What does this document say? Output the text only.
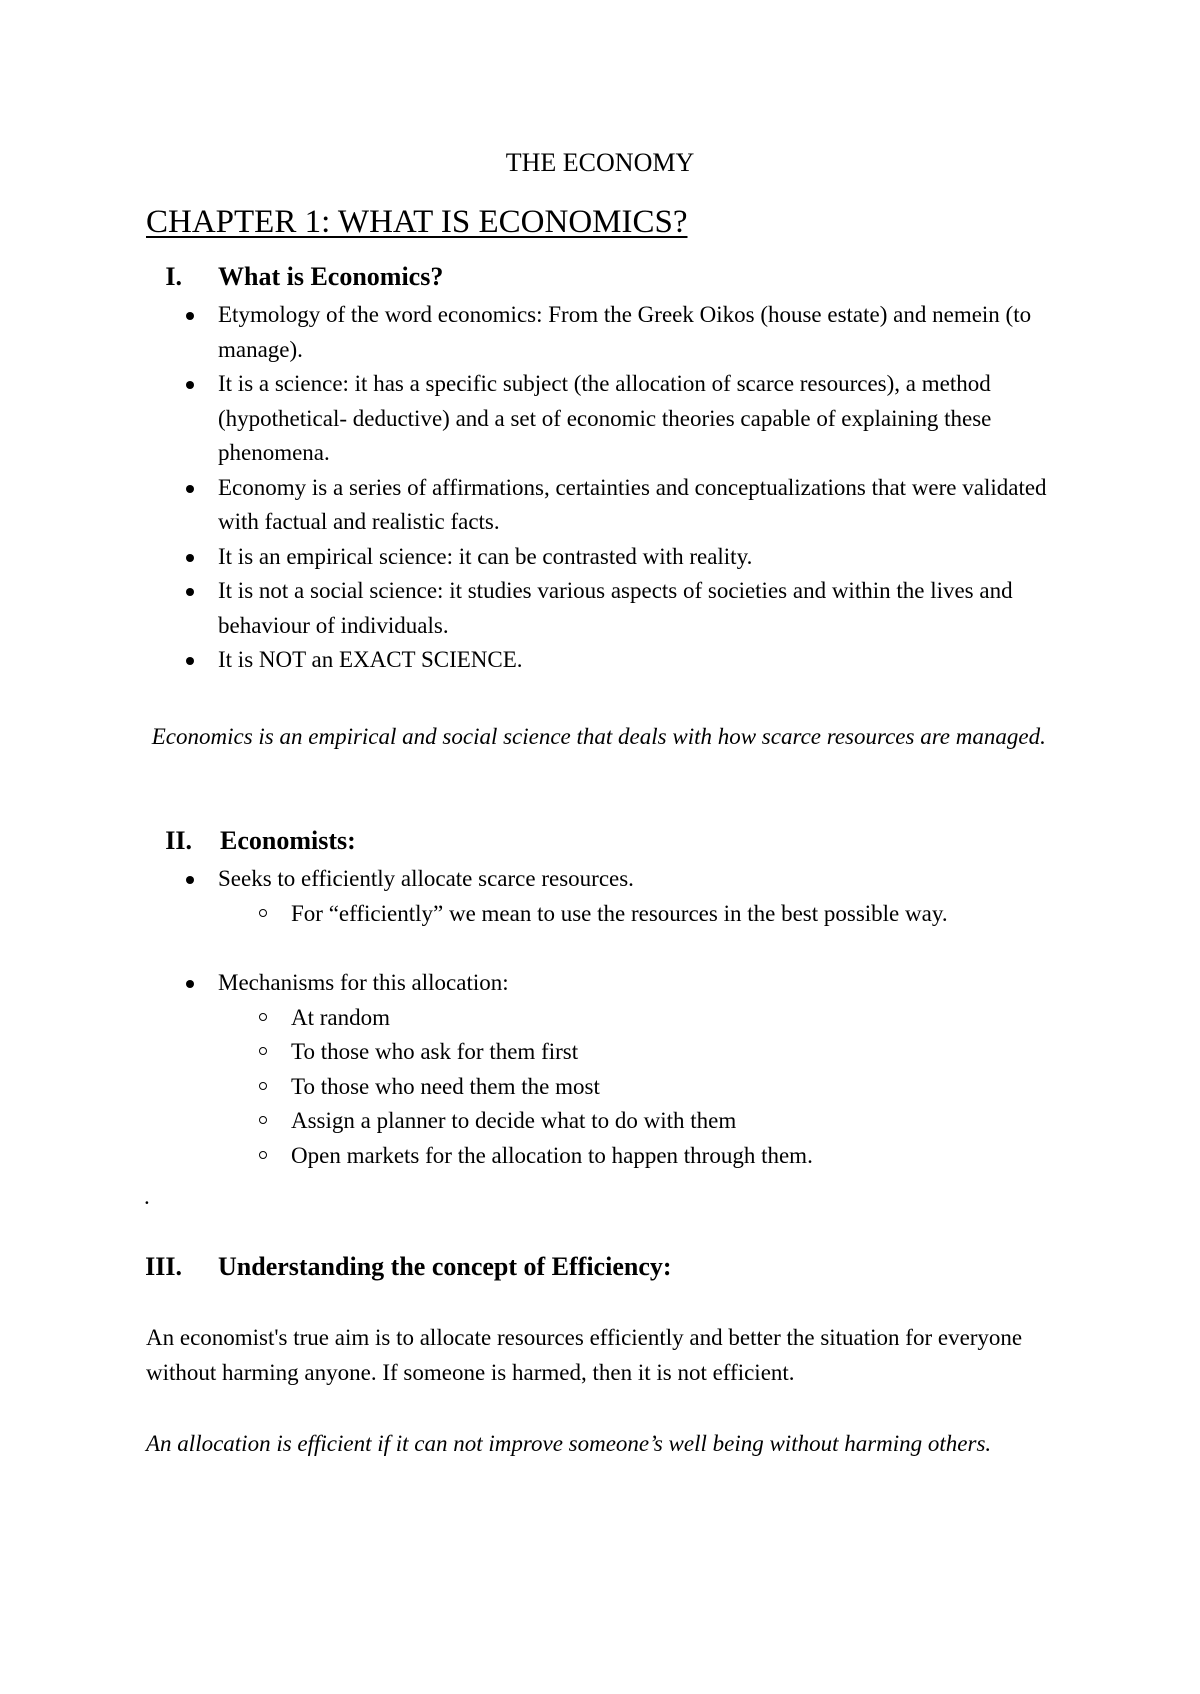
THE ECONOMY
CHAPTER 1: WHAT IS ECONOMICS?
I. What is Economics?
Etymology of the word economics: From the Greek Oikos (house estate) and nemein (to manage).
It is a science: it has a specific subject (the allocation of scarce resources), a method (hypothetical- deductive) and a set of economic theories capable of explaining these phenomena.
Economy is a series of affirmations, certainties and conceptualizations that were validated with factual and realistic facts.
It is an empirical science: it can be contrasted with reality.
It is not a social science: it studies various aspects of societies and within the lives and behaviour of individuals.
It is NOT an EXACT SCIENCE.
Economics is an empirical and social science that deals with how scarce resources are managed.
II. Economists:
Seeks to efficiently allocate scarce resources.
For “efficiently” we mean to use the resources in the best possible way.
Mechanisms for this allocation:
At random
To those who ask for them first
To those who need them the most
Assign a planner to decide what to do with them
Open markets for the allocation to happen through them.
.
III. Understanding the concept of Efficiency:
An economist's true aim is to allocate resources efficiently and better the situation for everyone without harming anyone. If someone is harmed, then it is not efficient.
An allocation is efficient if it can not improve someone’s well being without harming others.
